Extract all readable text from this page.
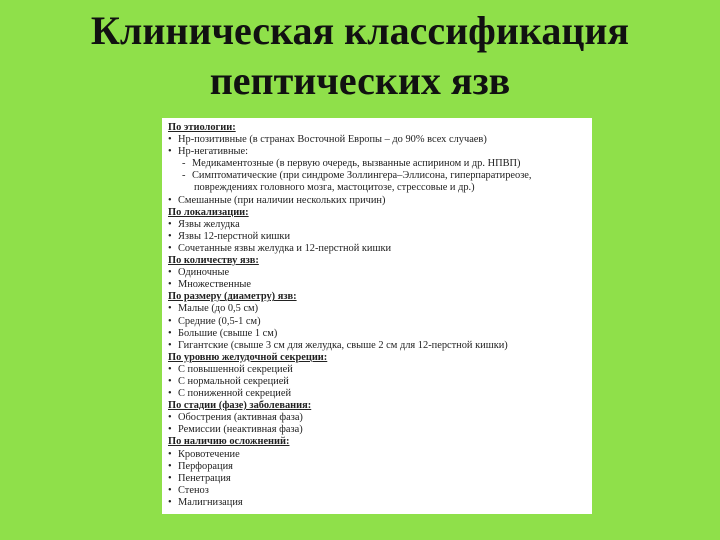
Клиническая классификация
пептических язв
По этиологии:
• Hp-позитивные (в странах Восточной Европы – до 90% всех случаев)
• Hp-негативные:
- Медикаментозные (в первую очередь, вызванные аспирином и др. НПВП)
- Симптоматические (при синдроме Золлингера–Эллисона, гиперпаратиреозе, повреждениях головного мозга, мастоцитозе, стрессовые и др.)
• Смешанные (при наличии нескольких причин)
По локализации:
• Язвы желудка
• Язвы 12-перстной кишки
• Сочетанные язвы желудка и 12-перстной кишки
По количеству язв:
• Одиночные
• Множественные
По размеру (диаметру) язв:
• Малые (до 0,5 см)
• Средние (0,5-1 см)
• Большие (свыше 1 см)
• Гигантские (свыше 3 см для желудка, свыше 2 см для 12-перстной кишки)
По уровню желудочной секреции:
• С повышенной секрецией
• С нормальной секрецией
• С пониженной секрецией
По стадии (фазе) заболевания:
• Обострения (активная фаза)
• Ремиссии (неактивная фаза)
По наличию осложнений:
• Кровотечение
• Перфорация
• Пенетрация
• Стеноз
• Малигнизация
